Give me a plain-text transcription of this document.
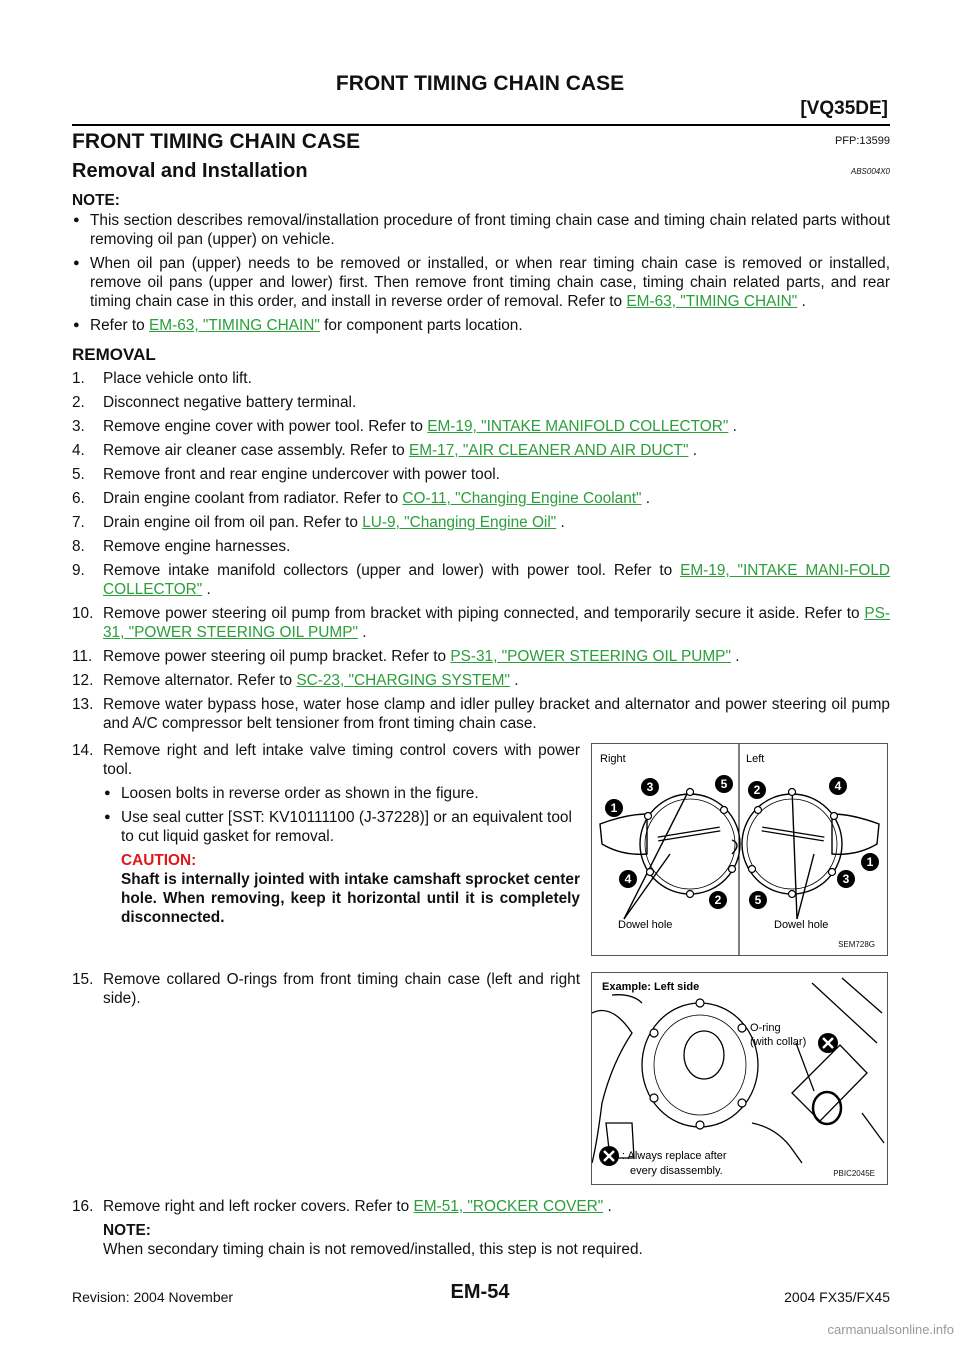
FRONT TIMING CHAIN CASE
[VQ35DE]
FRONT TIMING CHAIN CASE	PFP:13599
Removal and Installation	ABS004X0

NOTE:

● This section describes removal/installation procedure of front timing chain case and timing chain related parts without removing oil pan (upper) on vehicle.

● When oil pan (upper) needs to be removed or installed, or when rear timing chain case is removed or installed, remove oil pans (upper and lower) first. Then remove front timing chain case, timing chain related parts, and rear timing chain case in this order, and install in reverse order of removal. Refer to EM-63, "TIMING CHAIN" .

● Refer to EM-63, "TIMING CHAIN" for component parts location.

REMOVAL

1. Place vehicle onto lift.

2. Disconnect negative battery terminal.

3. Remove engine cover with power tool. Refer to EM-19, "INTAKE MANIFOLD COLLECTOR" .

4. Remove air cleaner case assembly. Refer to EM-17, "AIR CLEANER AND AIR DUCT" .

5. Remove front and rear engine undercover with power tool.

6. Drain engine coolant from radiator. Refer to CO-11, "Changing Engine Coolant" .

7. Drain engine oil from oil pan. Refer to LU-9, "Changing Engine Oil" .

8. Remove engine harnesses.

9. Remove intake manifold collectors (upper and lower) with power tool. Refer to EM-19, "INTAKE MANI-FOLD COLLECTOR" .

10. Remove power steering oil pump from bracket with piping connected, and temporarily secure it aside. Refer to PS-31, "POWER STEERING OIL PUMP" .

11. Remove power steering oil pump bracket. Refer to PS-31, "POWER STEERING OIL PUMP" .

12. Remove alternator. Refer to SC-23, "CHARGING SYSTEM" .

13. Remove water bypass hose, water hose clamp and idler pulley bracket and alternator and power steering oil pump and A/C compressor belt tensioner from front timing chain case.

14. Remove right and left intake valve timing control covers with power tool.

● Loosen bolts in reverse order as shown in the figure.

● Use seal cutter [SST: KV10111100 (J-37228)] or an equivalent tool to cut liquid gasket for removal.

CAUTION:

Shaft is internally jointed with intake camshaft sprocket center hole. When removing, keep it horizontal until it is completely disconnected.

15. Remove collared O-rings from front timing chain case (left and right side).

16. Remove right and left rocker covers. Refer to EM-51, "ROCKER COVER" .

NOTE:

When secondary timing chain is not removed/installed, this step is not required.

1
3	5
4
2
2	4
1
3
5
Right	Left
Dowel hole	Dowel hole
SEM728G
Example: Left side
O-ring
(with collar)
: Always replace after
every disassembly.	PBIC2045E
Revision: 2004 November	EM-54	2004 FX35/FX45
carmanualsonline.info
